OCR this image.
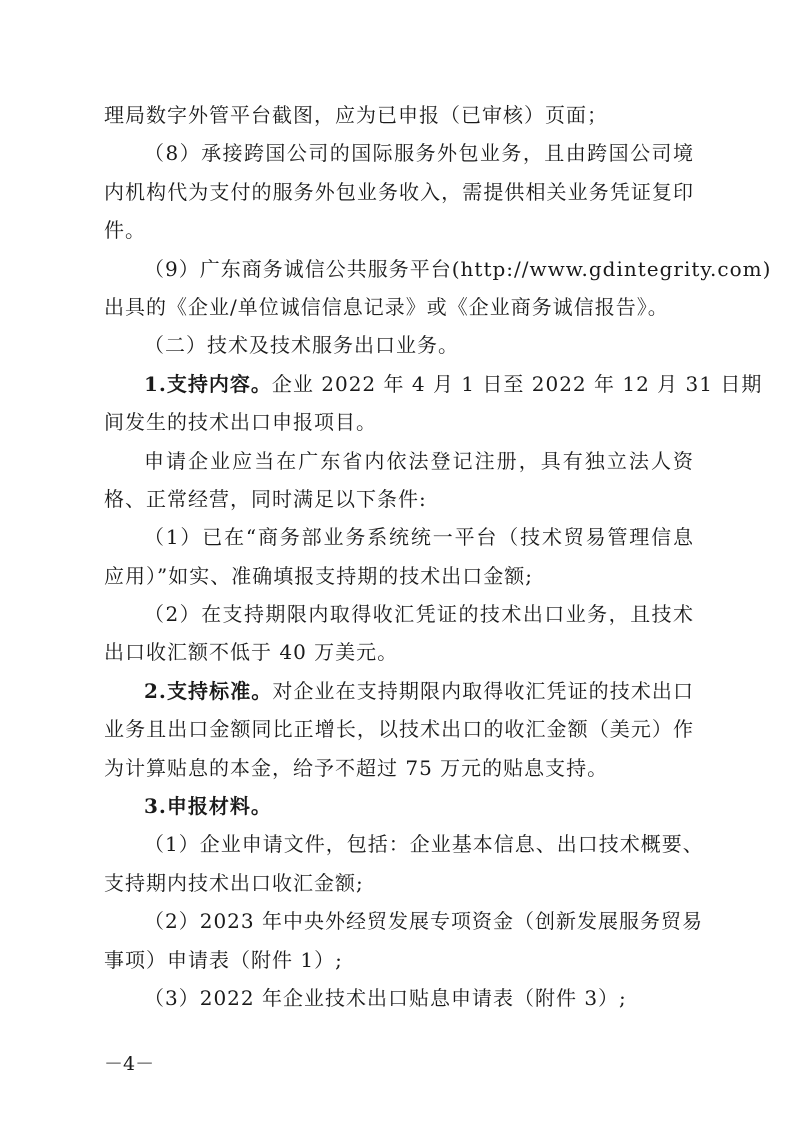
理局数字外管平台截图，应为已申报（已审核）页面；
（8）承接跨国公司的国际服务外包业务，且由跨国公司境
内机构代为支付的服务外包业务收入，需提供相关业务凭证复印
件。
（9）广东商务诚信公共服务平台(http://www.gdintegrity.com)
出具的《企业/单位诚信信息记录》或《企业商务诚信报告》。
（二）技术及技术服务出口业务。
1.支持内容。企业 2022 年 4 月 1 日至 2022 年 12 月 31 日期
间发生的技术出口申报项目。
申请企业应当在广东省内依法登记注册，具有独立法人资
格、正常经营，同时满足以下条件:
（1）已在“商务部业务系统统一平台（技术贸易管理信息
应用）”如实、准确填报支持期的技术出口金额;
（2）在支持期限内取得收汇凭证的技术出口业务，且技术
出口收汇额不低于 40 万美元。
2.支持标准。对企业在支持期限内取得收汇凭证的技术出口
业务且出口金额同比正增长，以技术出口的收汇金额（美元）作
为计算贴息的本金，给予不超过 75 万元的贴息支持。
3.申报材料。
（1）企业申请文件，包括：企业基本信息、出口技术概要、
支持期内技术出口收汇金额;
（2）2023 年中央外经贸发展专项资金（创新发展服务贸易
事项）申请表（附件 1）;
（3）2022 年企业技术出口贴息申请表（附件 3）;
－4－
